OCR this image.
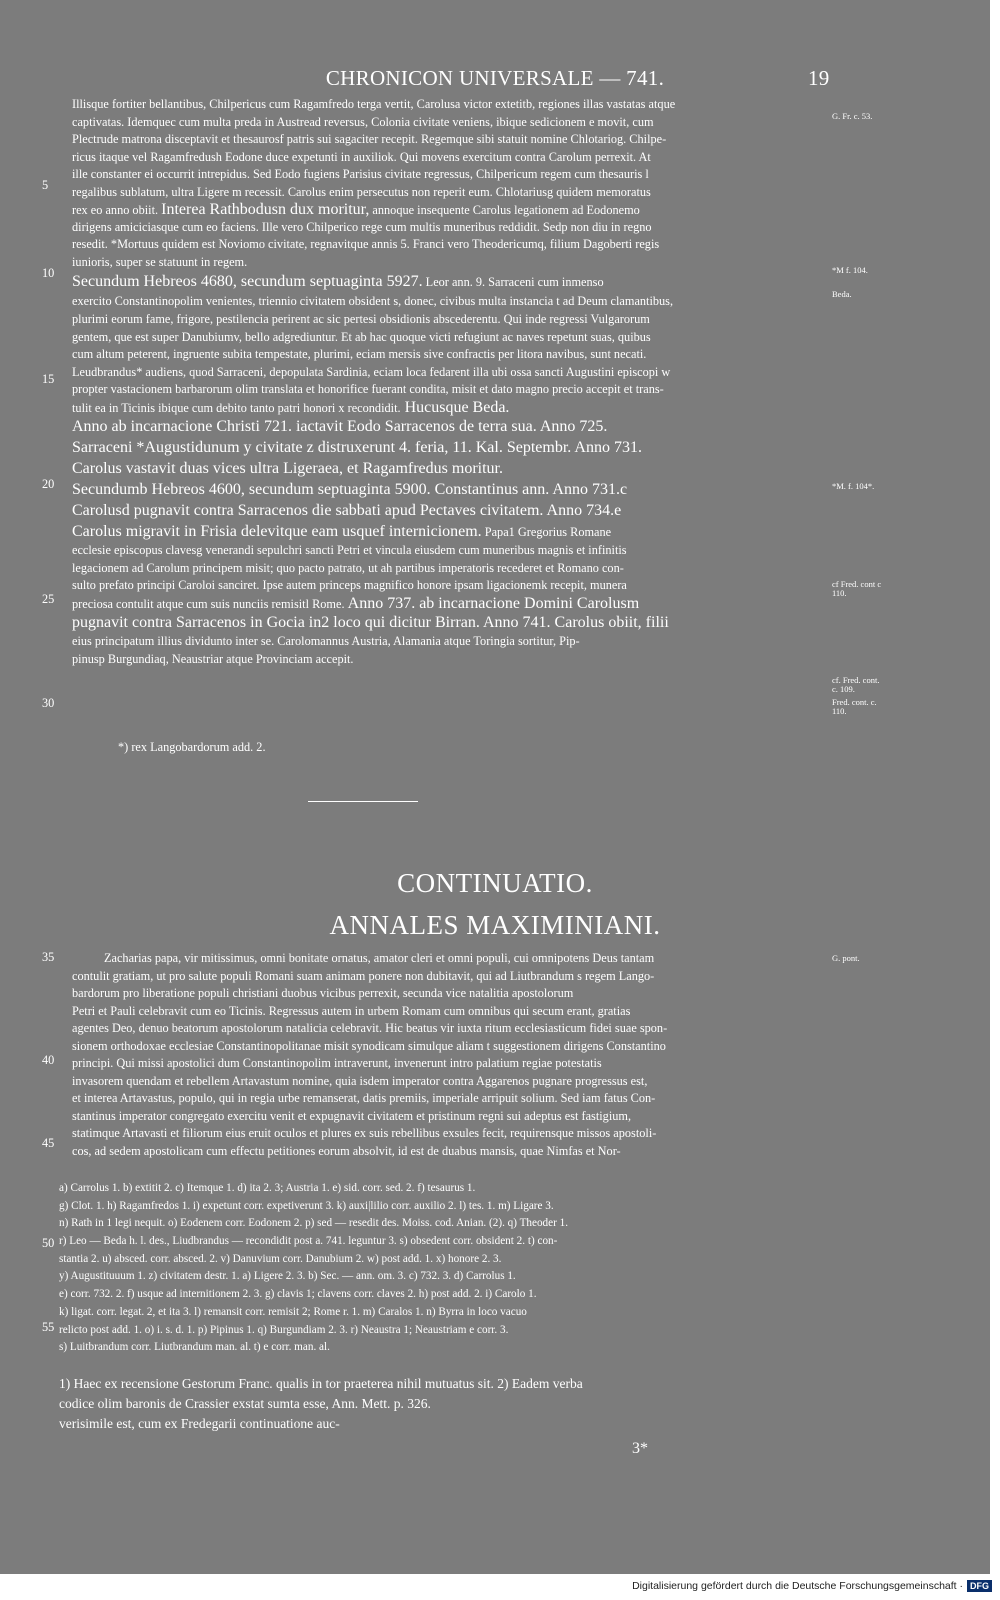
CHRONICON UNIVERSALE — 741.	19
Illisque fortiter bellantibus, Chilpericus cum Ragamfredo terga vertit, Carolusa victor extetitb, regiones illas vastatas atque
captivatas. Idemquec cum multa preda in Austread reversus, Colonia civitate veniens, ibique sedicionem e movit, cum
Plectrude matrona disceptavit et thesaurosf patris sui sagaciter recepit. Regemque sibi statuit nomine Chlotariog. Chilpe-
ricus itaque vel Ragamfredush Eodone duce expetunti in auxiliok. Qui movens exercitum contra Carolum perrexit. At
ille constanter ei occurrit intrepidus. Sed Eodo fugiens Parisius civitate regressus, Chilpericum regem cum thesauris l
regalibus sublatum, ultra Ligere m recessit. Carolus enim persecutus non reperit eum. Chlotariusg quidem memoratus
rex eo anno obiit. Interea Rathbodusn dux moritur, annoque insequente Carolus legationem ad Eodonemo
dirigens amiciciasque cum eo faciens. Ille vero Chilperico rege cum multis muneribus reddidit. Sedp non diu in regno
resedit. *Mortuus quidem est Noviomo civitate, regnavitque annis 5. Franci vero Theodericumq, filium Dagoberti regis
iunioris, super se statuunt in regem.
Secundum Hebreos 4680, secundum septuaginta 5927. Leor ann. 9. Sarraceni cum inmenso
exercito Constantinopolim venientes, triennio civitatem obsident s, donec, civibus multa instancia t ad Deum clamantibus,
plurimi eorum fame, frigore, pestilencia perirent ac sic pertesi obsidionis abscederentu. Qui inde regressi Vulgarorum
gentem, que est super Danubiumv, bello adgrediuntur. Et ab hac quoque victi refugiunt ac naves repetunt suas, quibus
cum altum peterent, ingruente subita tempestate, plurimi, eciam mersis sive confractis per litora navibus, sunt necati.
Leudbrandus* audiens, quod Sarraceni, depopulata Sardinia, eciam loca fedarent illa ubi ossa sancti Augustini episcopi w
propter vastacionem barbarorum olim translata et honorifice fuerant condita, misit et dato magno precio accepit et trans-
tulit ea in Ticinis ibique cum debito tanto patri honori x recondidit. Hucusque Beda.
Anno ab incarnacione Christi 721. iactavit Eodo Sarracenos de terra sua. Anno 725.
Sarraceni *Augustidunum y civitate z distruxerunt 4. feria, 11. Kal. Septembr. Anno 731.
Carolus vastavit duas vices ultra Ligeraea, et Ragamfredus moritur.
Secundumb Hebreos 4600, secundum septuaginta 5900. Constantinus ann. Anno 731.c
Carolusd pugnavit contra Sarracenos die sabbati apud Pectaves civitatem. Anno 734.e
Carolus migravit in Frisia delevitque eam usquef internicionem. Papa1 Gregorius Romane
ecclesie episcopus clavesg venerandi sepulchri sancti Petri et vincula eiusdem cum muneribus magnis et infinitis
legacionem ad Carolum principem misit; quo pacto patrato, ut ah partibus imperatoris recederet et Romano con-
sulto prefato principi Caroloi sanciret. Ipse autem princeps magnifico honore ipsam ligacionemk recepit, munera
preciosa contulit atque cum suis nunciis remisitl Rome. Anno 737. ab incarnacione Domini Carolusm
pugnavit contra Sarracenos in Gocia in2 loco qui dicitur Birran. Anno 741. Carolus obiit, filii
eius principatum illius dividunto inter se. Carolomannus Austria, Alamania atque Toringia sortitur, Pip-
pinusp Burgundiaq, Neaustriar atque Provinciam accepit.
5
10
15
20
25
30
35
40
45
50
55
G. Fr. c. 53.
*M f. 104.
Beda.
*M. f. 104*.
cf Fred. cont c 110.
cf. Fred. cont. c. 109.
Fred. cont. c. 110.
G. pont.
*) rex Langobardorum add. 2.
CONTINUATIO.
ANNALES MAXIMINIANI.
Zacharias papa, vir mitissimus, omni bonitate ornatus, amator cleri et omni populi, cui omnipotens Deus tantam
contulit gratiam, ut pro salute populi Romani suam animam ponere non dubitavit, qui ad Liutbrandum s regem Lango-
bardorum pro liberatione populi christiani duobus vicibus perrexit, secunda vice natalitia apostolorum
Petri et Pauli celebravit cum eo Ticinis. Regressus autem in urbem Romam cum omnibus qui secum erant, gratias
agentes Deo, denuo beatorum apostolorum natalicia celebravit. Hic beatus vir iuxta ritum ecclesiasticum fidei suae spon-
sionem orthodoxae ecclesiae Constantinopolitanae misit synodicam simulque aliam t suggestionem dirigens Constantino
principi. Qui missi apostolici dum Constantinopolim intraverunt, invenerunt intro palatium regiae potestatis
invasorem quendam et rebellem Artavastum nomine, quia isdem imperator contra Aggarenos pugnare progressus est,
et interea Artavastus, populo, qui in regia urbe remanserat, datis premiis, imperiale arripuit solium. Sed iam fatus Con-
stantinus imperator congregato exercitu venit et expugnavit civitatem et pristinum regni sui adeptus est fastigium,
statimque Artavasti et filiorum eius eruit oculos et plures ex suis rebellibus exsules fecit, requirensque missos apostoli-
cos, ad sedem apostolicam cum effectu petitiones eorum absolvit, id est de duabus mansis, quae Nimfas et Nor-
a) Carrolus 1. b) extitit 2. c) Itemque 1. d) ita 2. 3; Austria 1. e) sid. corr. sed. 2. f) tesaurus 1.
g) Clot. 1. h) Ragamfredos 1. i) expetunt corr. expetiverunt 3. k) auxi|lilio corr. auxilio 2. l) tes. 1. m) Ligare 3.
n) Rath in 1 legi nequit. o) Eodenem corr. Eodonem 2. p) sed — resedit des. Moiss. cod. Anian. (2). q) Theoder 1.
r) Leo — Beda h. l. des., Liudbrandus — recondidit post a. 741. leguntur 3. s) obsedent corr. obsident 2. t) con-
stantia 2. u) absced. corr. absced. 2. v) Danuvium corr. Danubium 2. w) post add. 1. x) honore 2. 3.
y) Augustituuum 1. z) civitatem destr. 1. a) Ligere 2. 3. b) Sec. — ann. om. 3. c) 732. 3. d) Carrolus 1.
e) corr. 732. 2. f) usque ad internitionem 2. 3. g) clavis 1; clavens corr. claves 2. h) post add. 2. i) Carolo 1.
k) ligat. corr. legat. 2, et ita 3. l) remansit corr. remisit 2; Rome r. 1. m) Caralos 1. n) Byrra in loco vacuo
relicto post add. 1. o) i. s. d. 1. p) Pipinus 1. q) Burgundiam 2. 3. r) Neaustra 1; Neaustriam e corr. 3.
s) Luitbrandum corr. Liutbrandum man. al. t) e corr. man. al.
1) Haec ex recensione Gestorum Franc. qualis in tor praeterea nihil mutuatus sit. 2) Eadem verba
codice olim baronis de Crassier exstat sumta esse, Ann. Mett. p. 326.
verisimile est, cum ex Fredegarii continuatione auc-
3*
Digitalisierung gefördert durch die Deutsche Forschungsgemeinschaft · DFG
